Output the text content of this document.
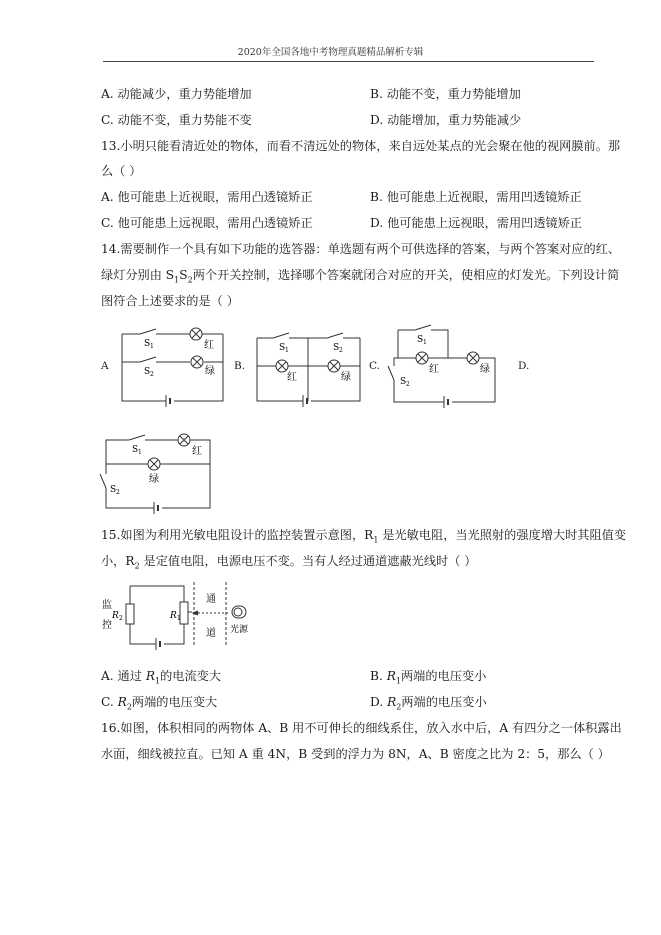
2020年全国各地中考物理真题精品解析专辑
A. 动能减少，重力势能增加	B. 动能不变，重力势能增加
C. 动能不变，重力势能不变	D. 动能增加，重力势能减少
13.小明只能看清近处的物体，而看不清远处的物体，来自远处某点的光会聚在他的视网膜前。那
么（ ）
A. 他可能患上近视眼，需用凸透镜矫正	B. 他可能患上近视眼，需用凹透镜矫正
C. 他可能患上远视眼，需用凸透镜矫正	D. 他可能患上远视眼，需用凹透镜矫正
14.需要制作一个具有如下功能的选答器：单选题有两个可供选择的答案，与两个答案对应的红、
绿灯分别由 $S_1S_2$两个开关控制，选择哪个答案就闭合对应的开关，使相应的灯发光。下列设计简
图符合上述要求的是（ ）
A	B.	C.	D.
S 1
S 2
红
绿
S 1	S 2
红	绿
S 1
S 2
红	绿
S 1
S 2
红
绿
15.如图为利用光敏电阻设计的监控装置示意图，$R_1$ 是光敏电阻，当光照射的强度增大时其阻值变
小，$R_2$ 是定值电阻，电源电压不变。当有人经过通道遮蔽光线时（ ）
监
控
R 2	R 1
通
道 光源
A. 通过 $R_1$的电流变大	B. $R_1$两端的电压变小
C. $R_2$两端的电压变大	D. $R_2$两端的电压变小
16.如图，体积相同的两物体 A、B 用不可伸长的细线系住，放入水中后，A 有四分之一体积露出
水面，细线被拉直。已知 A 重 4N，B 受到的浮力为 8N，A、B 密度之比为 2：5，那么（ ）
